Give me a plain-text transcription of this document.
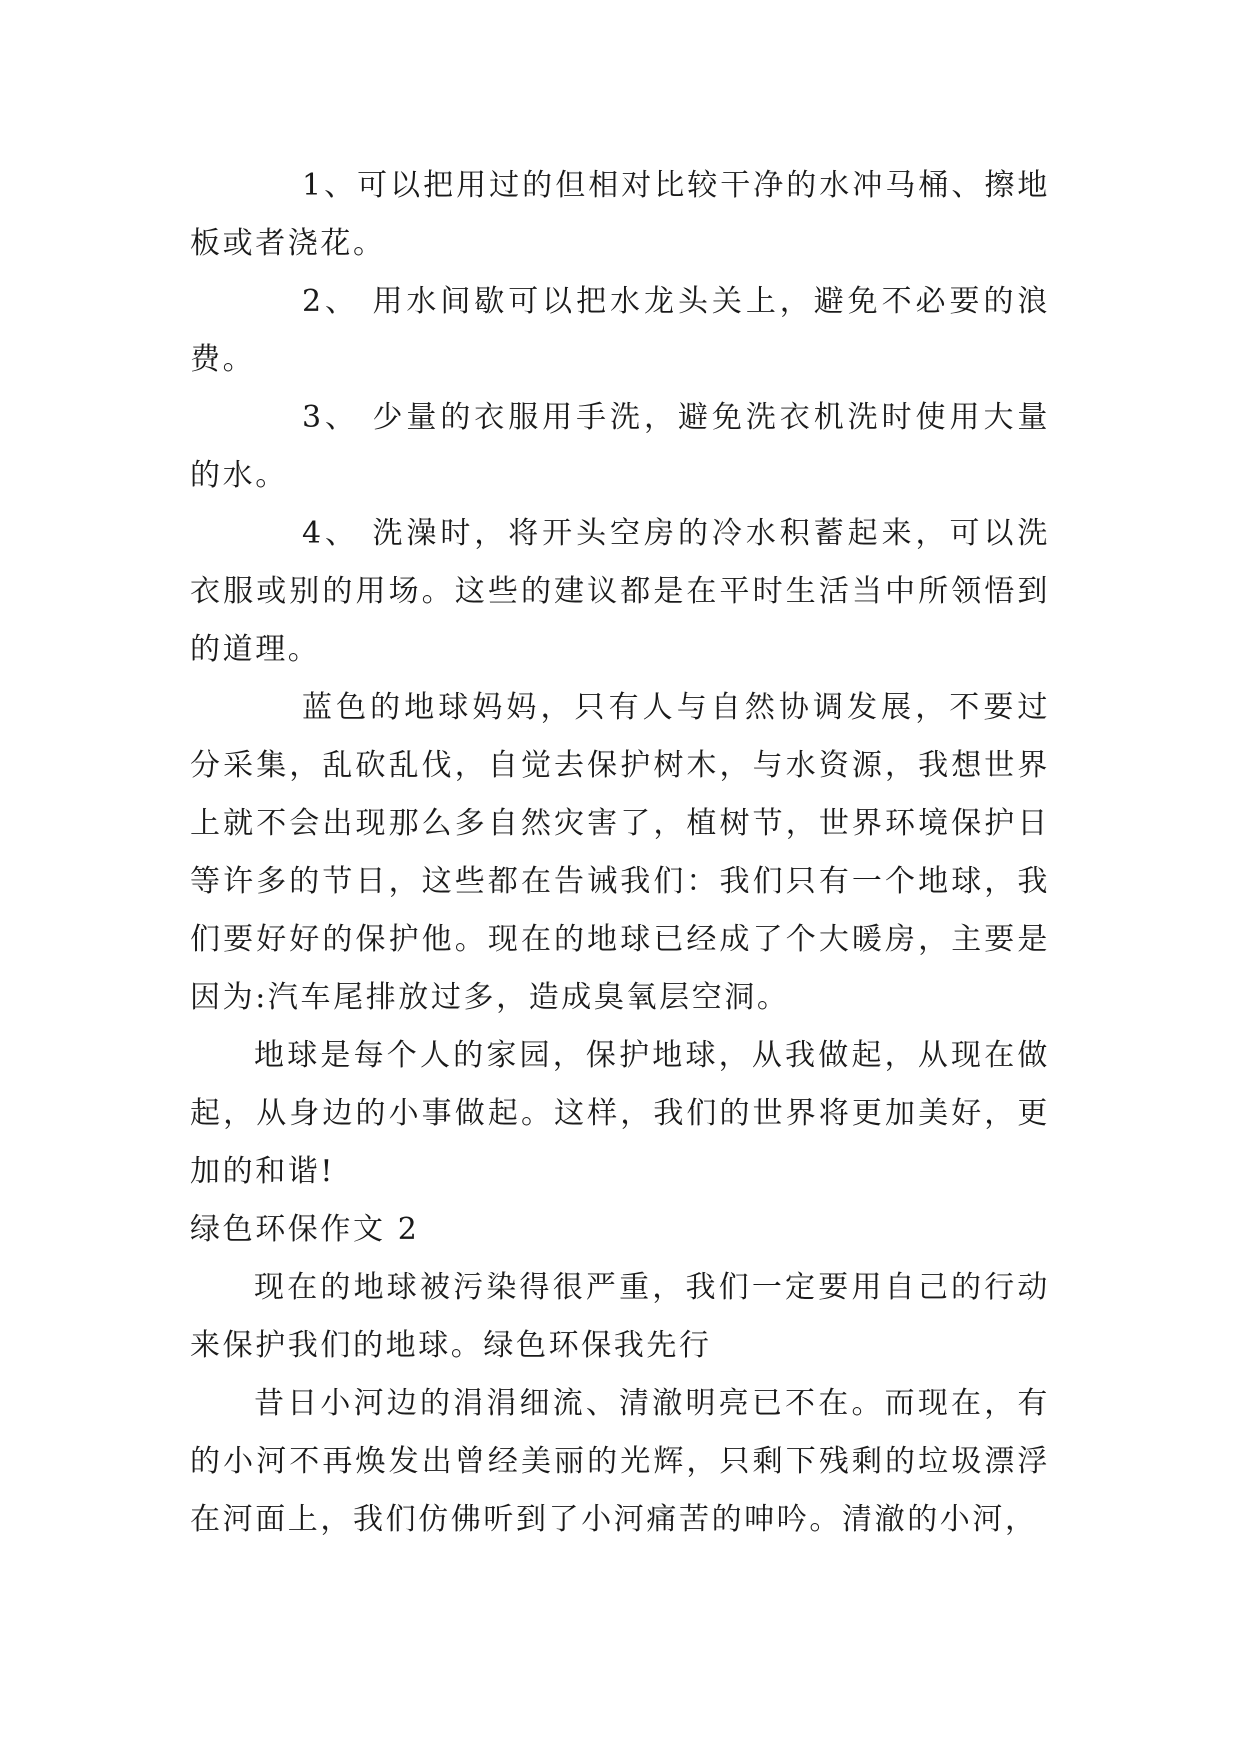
1、可以把用过的但相对比较干净的水冲马桶、擦地板或者浇花。

2、 用水间歇可以把水龙头关上，避免不必要的浪费。

3、 少量的衣服用手洗，避免洗衣机洗时使用大量的水。

4、 洗澡时，将开头空房的冷水积蓄起来，可以洗衣服或别的用场。这些的建议都是在平时生活当中所领悟到的道理。

蓝色的地球妈妈，只有人与自然协调发展，不要过分采集，乱砍乱伐，自觉去保护树木，与水资源，我想世界上就不会出现那么多自然灾害了，植树节，世界环境保护日等许多的节日，这些都在告诫我们：我们只有一个地球，我们要好好的保护他。现在的地球已经成了个大暖房，主要是因为:汽车尾排放过多，造成臭氧层空洞。

地球是每个人的家园，保护地球，从我做起，从现在做起，从身边的小事做起。这样，我们的世界将更加美好，更加的和谐!

绿色环保作文 2

现在的地球被污染得很严重，我们一定要用自己的行动来保护我们的地球。绿色环保我先行

昔日小河边的涓涓细流、清澈明亮已不在。而现在，有的小河不再焕发出曾经美丽的光辉，只剩下残剩的垃圾漂浮在河面上，我们仿佛听到了小河痛苦的呻吟。清澈的小河，
